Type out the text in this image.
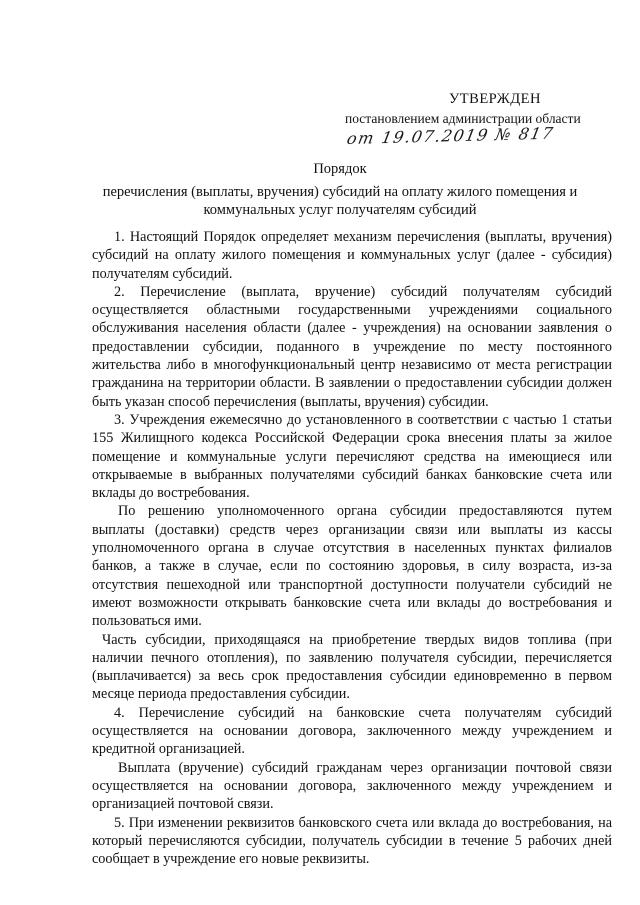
УТВЕРЖДЕН
постановлением администрации области
от 19.07.2019 № 817
Порядок
перечисления (выплаты, вручения) субсидий на оплату жилого помещения и коммунальных услуг получателям субсидий

1. Настоящий Порядок определяет механизм перечисления (выплаты, вручения) субсидий на оплату жилого помещения и коммунальных услуг (далее - субсидия) получателям субсидий.

2. Перечисление (выплата, вручение) субсидий получателям субсидий осуществляется областными государственными учреждениями социального обслуживания населения области (далее - учреждения) на основании заявления о предоставлении субсидии, поданного в учреждение по месту постоянного жительства либо в многофункциональный центр независимо от места регистрации гражданина на территории области. В заявлении о предоставлении субсидии должен быть указан способ перечисления (выплаты, вручения) субсидии.

3. Учреждения ежемесячно до установленного в соответствии с частью 1 статьи 155 Жилищного кодекса Российской Федерации срока внесения платы за жилое помещение и коммунальные услуги перечисляют средства на имеющиеся или открываемые в выбранных получателями субсидий банках банковские счета или вклады до востребования.

По решению уполномоченного органа субсидии предоставляются путем выплаты (доставки) средств через организации связи или выплаты из кассы уполномоченного органа в случае отсутствия в населенных пунктах филиалов банков, а также в случае, если по состоянию здоровья, в силу возраста, из-за отсутствия пешеходной или транспортной доступности получатели субсидий не имеют возможности открывать банковские счета или вклады до востребования и пользоваться ими.

Часть субсидии, приходящаяся на приобретение твердых видов топлива (при наличии печного отопления), по заявлению получателя субсидии, перечисляется (выплачивается) за весь срок предоставления субсидии единовременно в первом месяце периода предоставления субсидии.

4. Перечисление субсидий на банковские счета получателям субсидий осуществляется на основании договора, заключенного между учреждением и кредитной организацией.

Выплата (вручение) субсидий гражданам через организации почтовой связи осуществляется на основании договора, заключенного между учреждением и организацией почтовой связи.

5. При изменении реквизитов банковского счета или вклада до востребования, на который перечисляются субсидии, получатель субсидии в течение 5 рабочих дней сообщает в учреждение его новые реквизиты.
